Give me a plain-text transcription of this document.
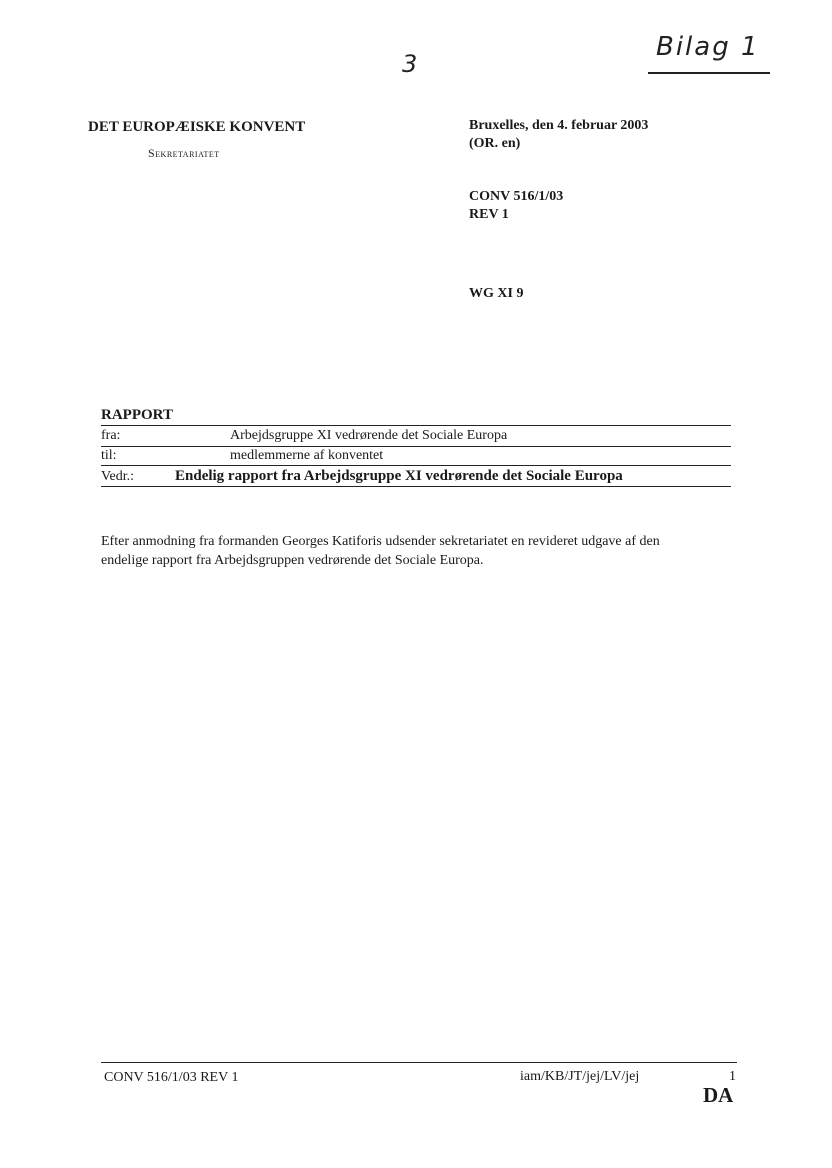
3
Bilag 1
DET EUROPÆISKE KONVENT
Sekretariatet
Bruxelles, den 4. februar 2003
(OR. en)
CONV 516/1/03
REV 1
WG XI 9
RAPPORT
fra:	Arbejdsgruppe XI vedrørende det Sociale Europa
til:	medlemmerne af konventet
Vedr.:	Endelig rapport fra Arbejdsgruppe XI vedrørende det Sociale Europa
Efter anmodning fra formanden Georges Katiforis udsender sekretariatet en revideret udgave af den
endelige rapport fra Arbejdsgruppen vedrørende det Sociale Europa.
CONV 516/1/03 REV 1	iam/KB/JT/jej/LV/jej	1
DA
